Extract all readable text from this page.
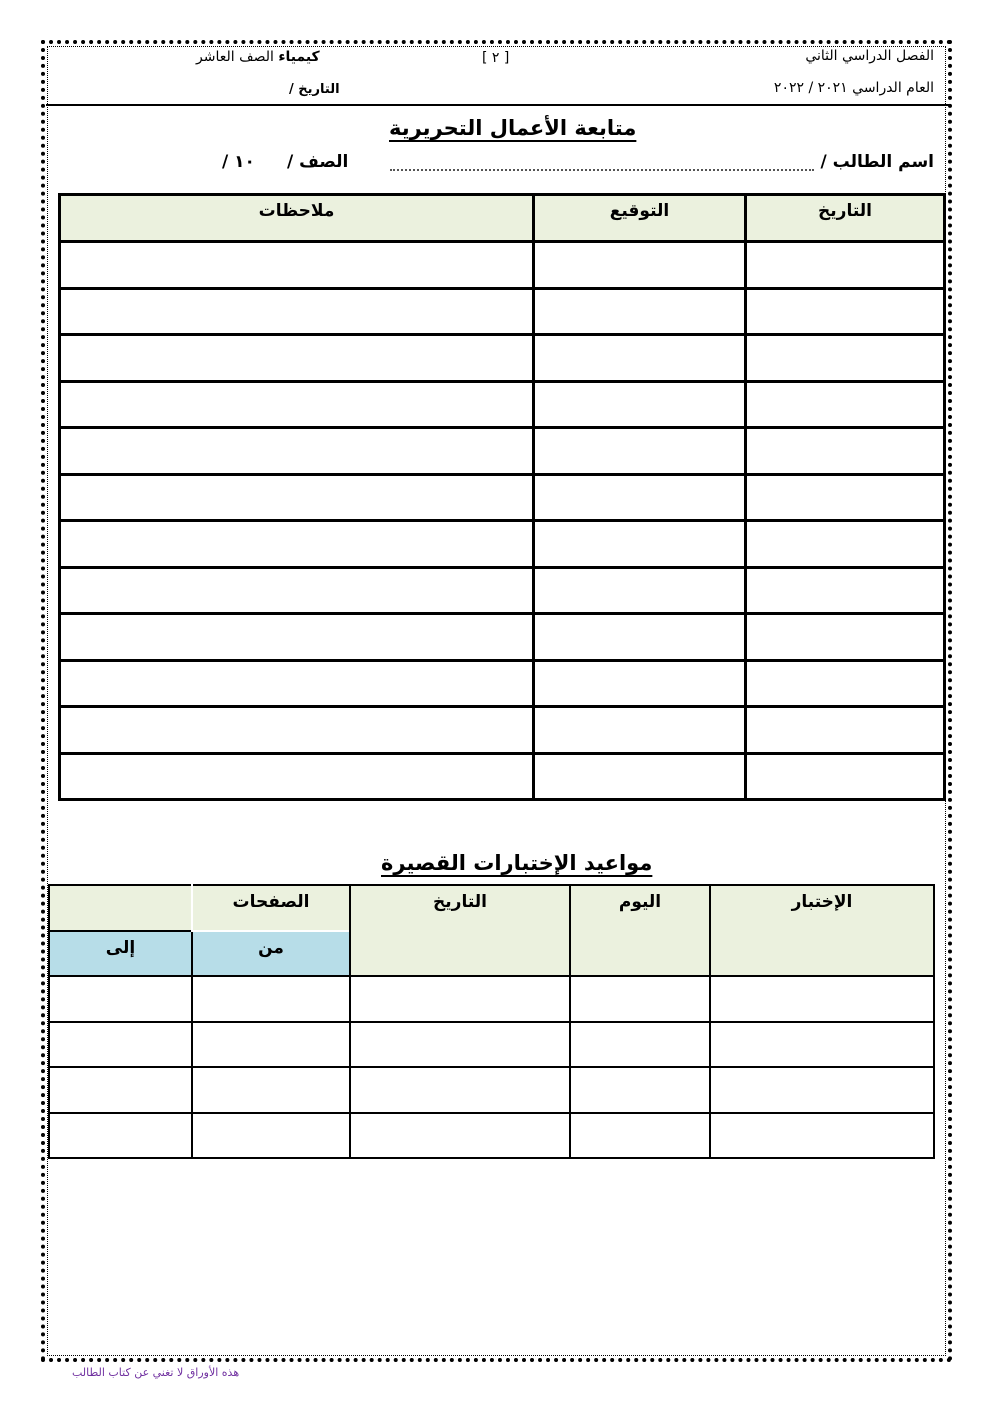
الفصل الدراسي الثاني
العام الدراسي ٢٠٢١ / ٢٠٢٢
[ ٢ ]
كيمياء الصف العاشر
التاريخ /
متابعة الأعمال التحريرية
اسم الطالب /
الصف /
١٠ /
التاريخ	التوقيع	ملاحظات

مواعيد الإختبارات القصيرة
الإختبار	اليوم	التاريخ	الصفحات	
			من	إلى

هذه الأوراق لا تغني عن كتاب الطالب
